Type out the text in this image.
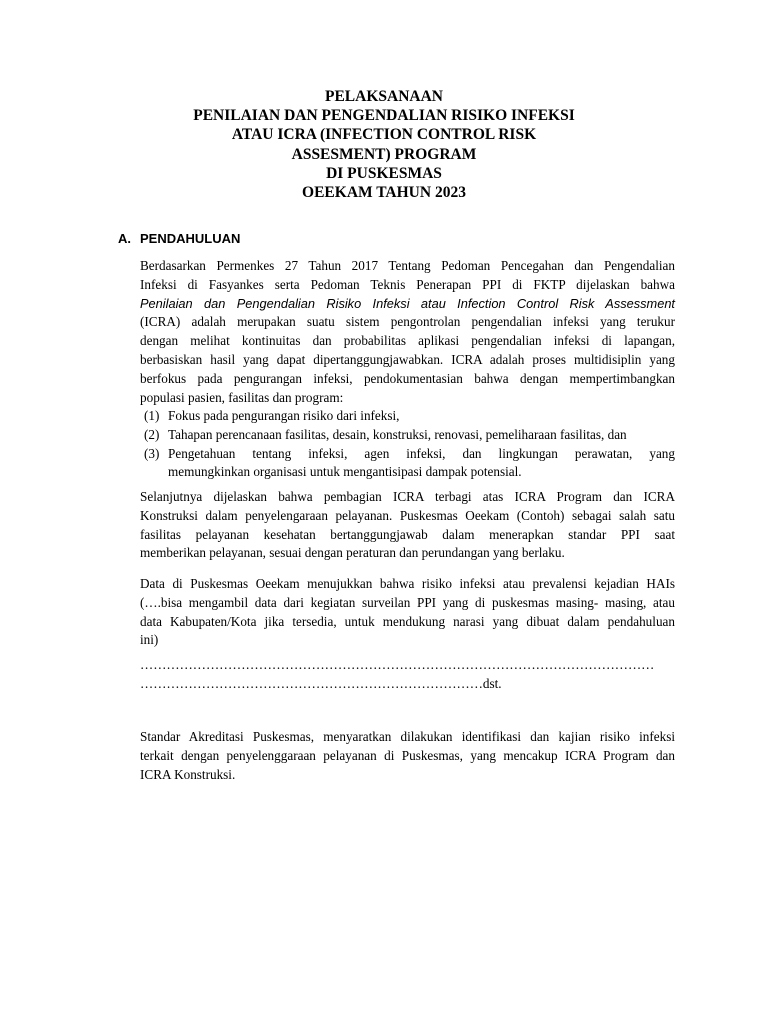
PELAKSANAAN
PENILAIAN DAN PENGENDALIAN RISIKO INFEKSI
ATAU ICRA (INFECTION CONTROL RISK
ASSESMENT) PROGRAM
DI PUSKESMAS
OEEKAM TAHUN 2023
A. PENDAHULUAN
Berdasarkan Permenkes 27 Tahun 2017 Tentang Pedoman Pencegahan dan Pengendalian
Infeksi di Fasyankes serta Pedoman Teknis Penerapan PPI di FKTP dijelaskan bahwa
Penilaian dan Pengendalian Risiko Infeksi atau Infection Control Risk Assessment
(ICRA) adalah merupakan suatu sistem pengontrolan pengendalian infeksi yang terukur
dengan melihat kontinuitas dan probabilitas aplikasi pengendalian infeksi di lapangan,
berbasiskan hasil yang dapat dipertanggungjawabkan. ICRA adalah proses multidisiplin yang
berfokus pada pengurangan infeksi, pendokumentasian bahwa dengan mempertimbangkan
populasi pasien, fasilitas dan program:
(1) Fokus pada pengurangan risiko dari infeksi,
(2) Tahapan perencanaan fasilitas, desain, konstruksi, renovasi, pemeliharaan fasilitas, dan
(3) Pengetahuan tentang infeksi, agen infeksi, dan lingkungan perawatan, yang
memungkinkan organisasi untuk mengantisipasi dampak potensial.
Selanjutnya dijelaskan bahwa pembagian ICRA terbagi atas ICRA Program dan ICRA
Konstruksi dalam penyelengaraan pelayanan. Puskesmas Oeekam (Contoh) sebagai salah satu
fasilitas pelayanan kesehatan bertanggungjawab dalam menerapkan standar PPI saat
memberikan pelayanan, sesuai dengan peraturan dan perundangan yang berlaku.
Data di Puskesmas Oeekam menujukkan bahwa risiko infeksi atau prevalensi kejadian HAIs
(….bisa mengambil data dari kegiatan surveilan PPI yang di puskesmas masing- masing, atau
data Kabupaten/Kota jika tersedia, untuk mendukung narasi yang dibuat dalam pendahuluan
ini)
………………………………………………………………………………………………………
……………………………………………………………………dst.
Standar Akreditasi Puskesmas, menyaratkan dilakukan identifikasi dan kajian risiko infeksi
terkait dengan penyelenggaraan pelayanan di Puskesmas, yang mencakup ICRA Program dan
ICRA Konstruksi.
